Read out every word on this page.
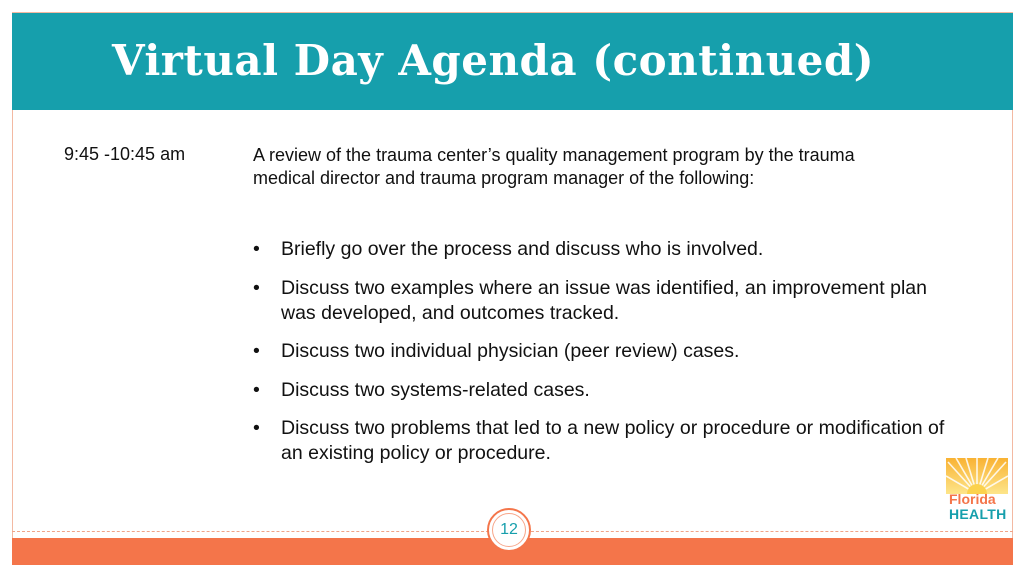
Virtual Day Agenda (continued)
9:45 -10:45 am	A review of the trauma center’s quality management program by the trauma medical director and trauma program manager of the following:

• Briefly go over the process and discuss who is involved.
• Discuss two examples where an issue was identified, an improvement plan was developed, and outcomes tracked.
• Discuss two individual physician (peer review) cases.
• Discuss two systems-related cases.
• Discuss two problems that led to a new policy or procedure or modification of an existing policy or procedure.
Florida
HEALTH
12
